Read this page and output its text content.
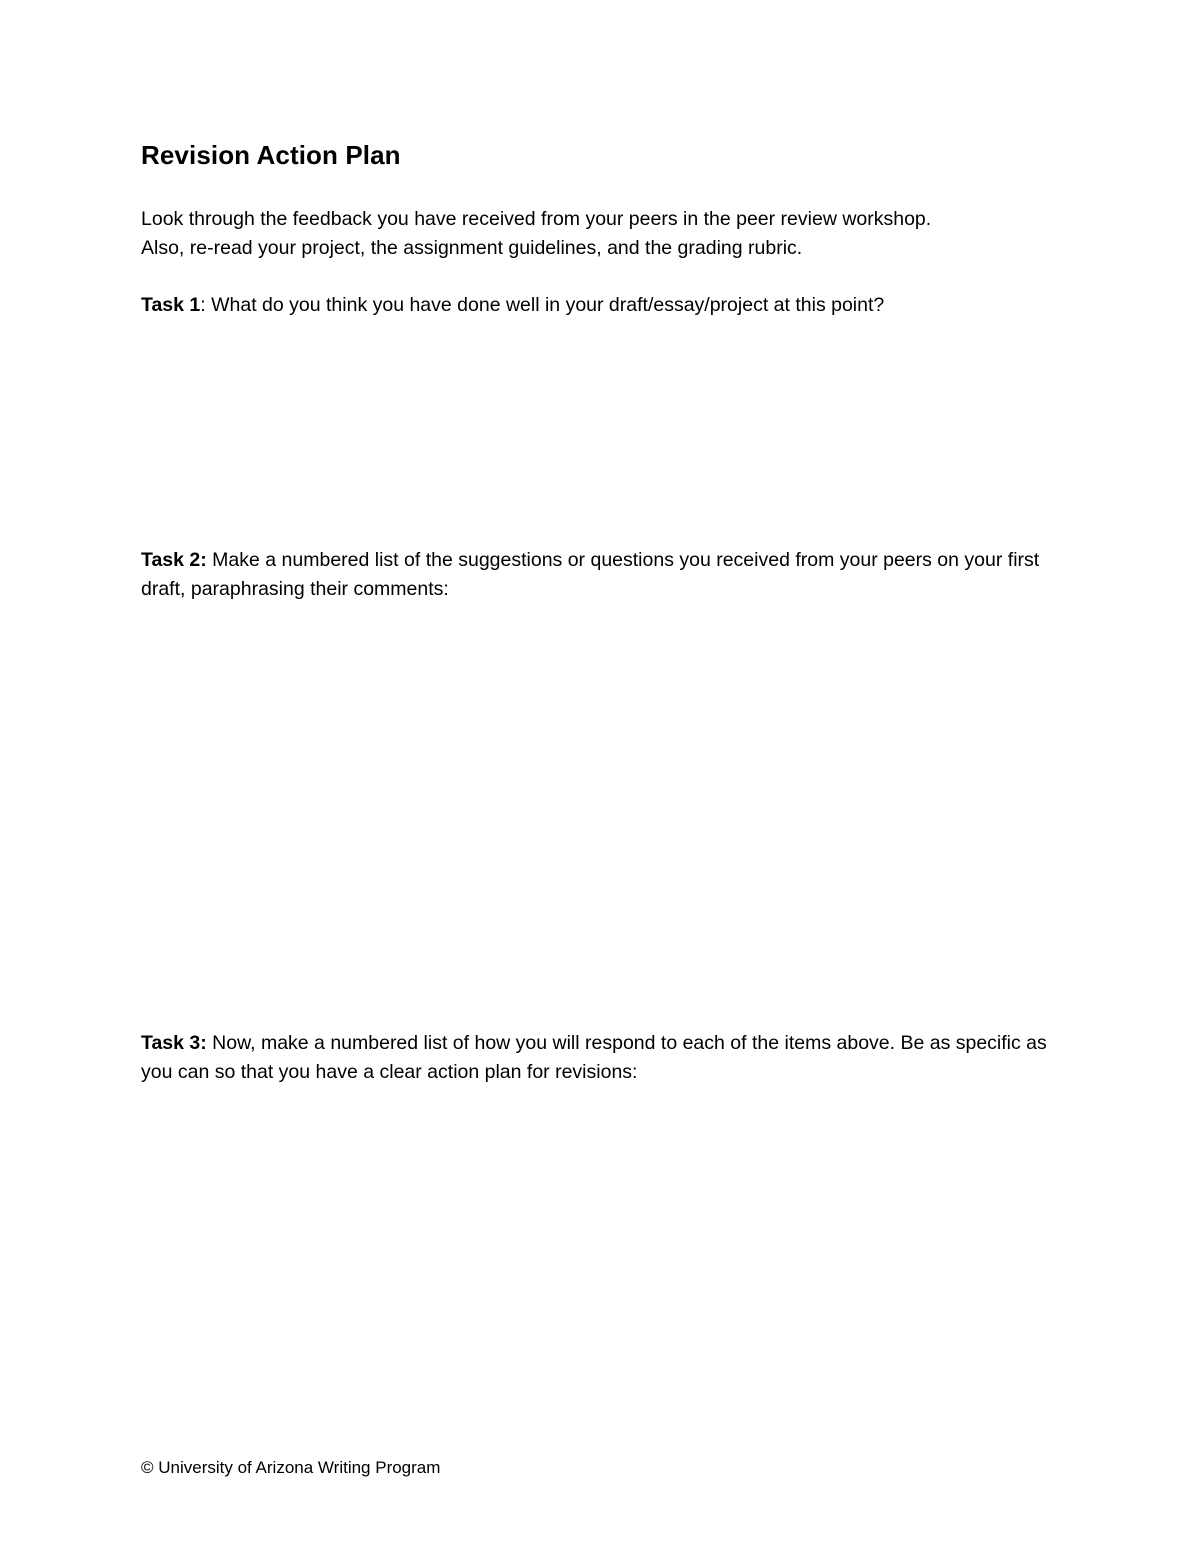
Revision Action Plan

Look through the feedback you have received from your peers in the peer review workshop.
Also, re-read your project, the assignment guidelines, and the grading rubric.

Task 1: What do you think you have done well in your draft/essay/project at this point?

Task 2: Make a numbered list of the suggestions or questions you received from your peers on your first draft, paraphrasing their comments:

Task 3: Now, make a numbered list of how you will respond to each of the items above. Be as specific as you can so that you have a clear action plan for revisions:

© University of Arizona Writing Program
